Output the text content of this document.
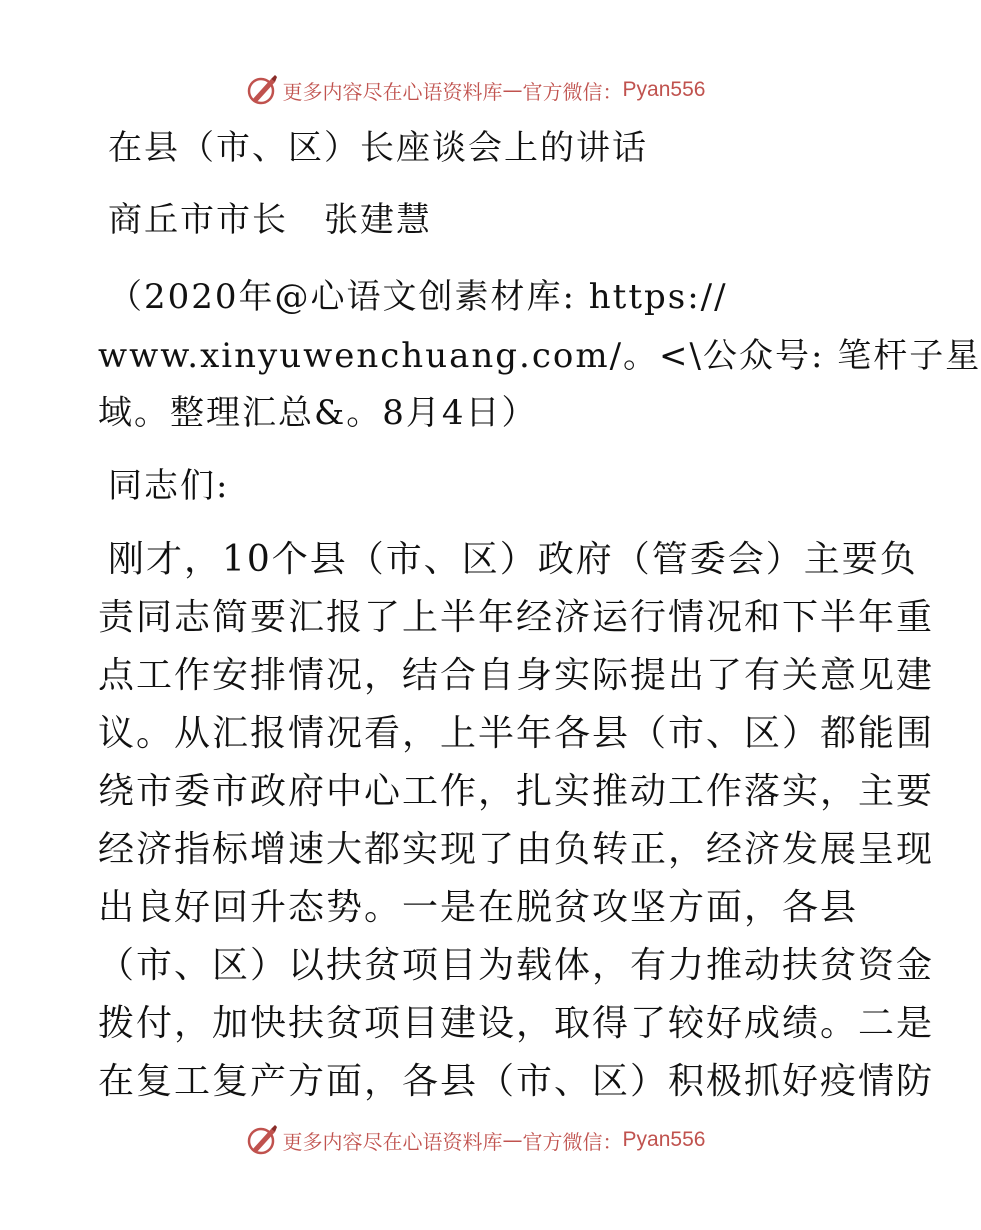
更多内容尽在心语资料库 — 官方微信： Pyan556
在县（市、区）长座谈会上的讲话
商丘市市长　张建慧
（2020年@心语文创素材库: https://
www.xinyuwenchuang.com/。<\公众号: 笔杆子星
域。整理汇总&。8月4日）
同志们:
刚才，10个县（市、区）政府（管委会）主要负
责同志简要汇报了上半年经济运行情况和下半年重
点工作安排情况，结合自身实际提出了有关意见建
议。从汇报情况看，上半年各县（市、区）都能围
绕市委市政府中心工作，扎实推动工作落实，主要
经济指标增速大都实现了由负转正，经济发展呈现
出良好回升态势。一是在脱贫攻坚方面，各县
（市、区）以扶贫项目为载体，有力推动扶贫资金
拨付，加快扶贫项目建设，取得了较好成绩。二是
在复工复产方面，各县（市、区）积极抓好疫情防
更多内容尽在心语资料库 — 官方微信： Pyan556
